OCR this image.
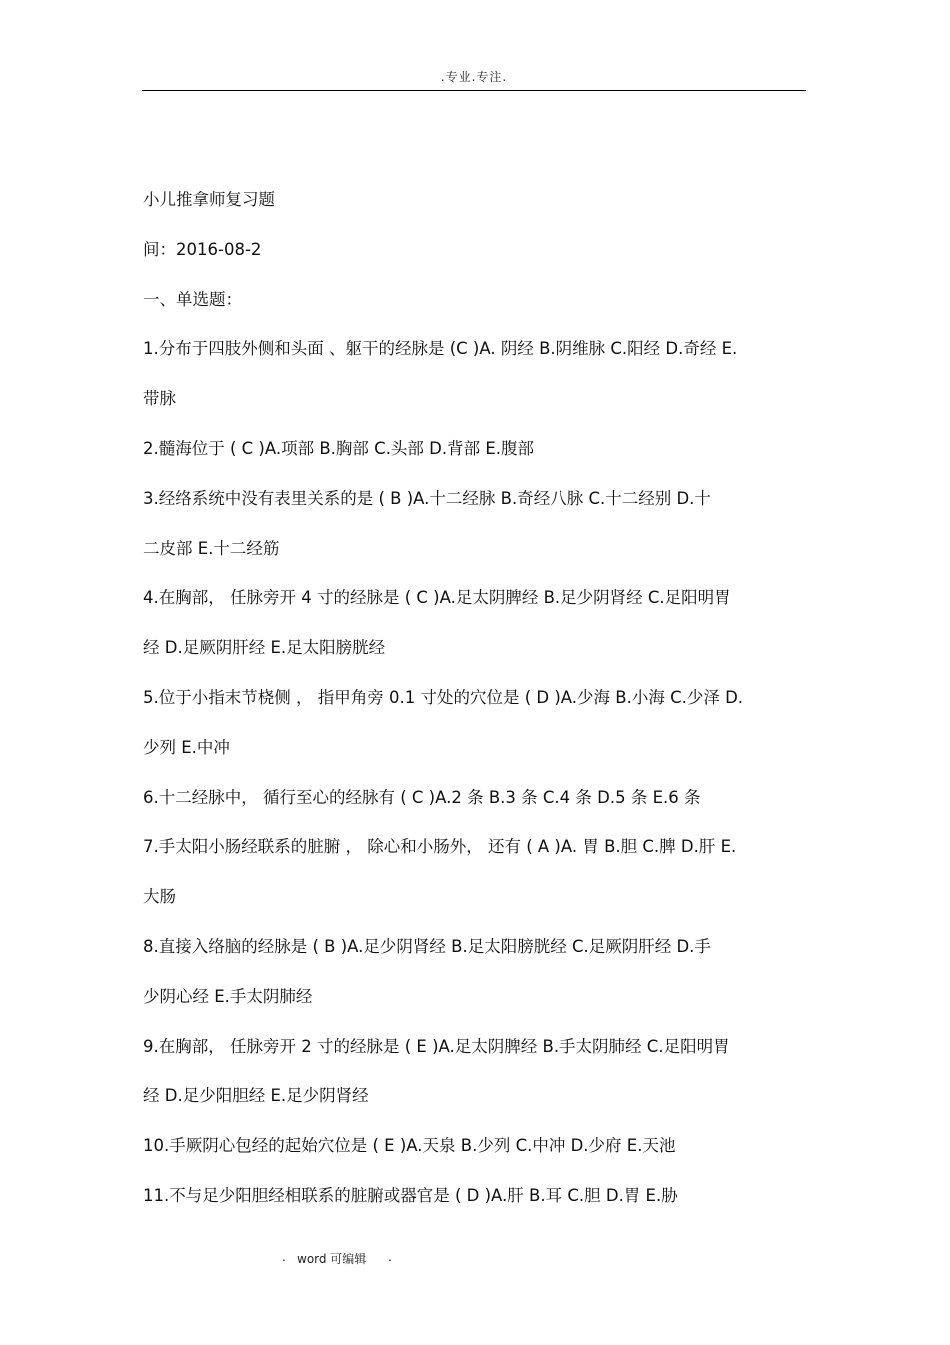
.专业.专注.
小儿推拿师复习题
间：2016-08-2
一、单选题：
1.分布于四肢外侧和头面 、躯干的经脉是 (C )A. 阴经 B.阴维脉 C.阳经 D.奇经 E.
带脉
2.髓海位于 ( C )A.项部 B.胸部 C.头部 D.背部 E.腹部
3.经络系统中没有表里关系的是 ( B )A.十二经脉 B.奇经八脉 C.十二经别 D.十
二皮部 E.十二经筋
4.在胸部， 任脉旁开 4 寸的经脉是 ( C )A.足太阴脾经 B.足少阴肾经 C.足阳明胃
经 D.足厥阴肝经 E.足太阳膀胱经
5.位于小指末节桡侧 ， 指甲角旁 0.1 寸处的穴位是 ( D )A.少海 B.小海 C.少泽 D.
少列 E.中冲
6.十二经脉中， 循行至心的经脉有 ( C )A.2 条 B.3 条 C.4 条 D.5 条 E.6 条
7.手太阳小肠经联系的脏腑 ， 除心和小肠外， 还有 ( A )A. 胃 B.胆 C.脾 D.肝 E.
大肠
8.直接入络脑的经脉是 ( B )A.足少阴肾经 B.足太阳膀胱经 C.足厥阴肝经 D.手
少阴心经 E.手太阴肺经
9.在胸部， 任脉旁开 2 寸的经脉是 ( E )A.足太阴脾经 B.手太阴肺经 C.足阳明胃
经 D.足少阳胆经 E.足少阴肾经
10.手厥阴心包经的起始穴位是 ( E )A.天泉 B.少列 C.中冲 D.少府 E.天池
11.不与足少阳胆经相联系的脏腑或器官是 ( D )A.肝 B.耳 C.胆 D.胃 E.胁
. word 可编辑 .
